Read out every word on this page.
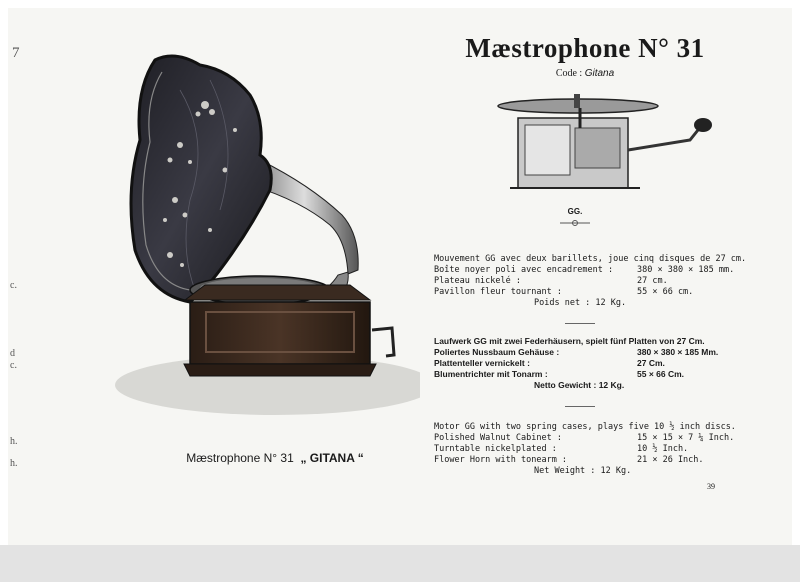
7
c.
d
c.
h.
h.
Mæstrophone N° 31
Code : Gitana
GG.
Mouvement GG avec deux barillets, joue cinq disques de 27 cm.
Boîte noyer poli avec encadrement :	380 × 380 × 185 mm.
Plateau nickelé :	27 cm.
Pavillon fleur tournant :	55 × 66 cm.
Poids net : 12 Kg.
Laufwerk GG mit zwei Federhäusern, spielt fünf Platten von 27 Cm.
Poliertes Nussbaum Gehäuse :	380 × 380 × 185 Mm.
Plattenteller vernickelt :	27 Cm.
Blumentrichter mit Tonarm :	55 × 66 Cm.
Netto Gewicht : 12 Kg.
Motor GG with two spring cases, plays five 10 ½ inch discs.
Polished Walnut Cabinet :	15 × 15 × 7 ¼ Inch.
Turntable nickelplated :	10 ½ Inch.
Flower Horn with tonearm :	21 × 26 Inch.
Net Weight : 12 Kg.
Mæstrophone N° 31 „ GITANA “
39
